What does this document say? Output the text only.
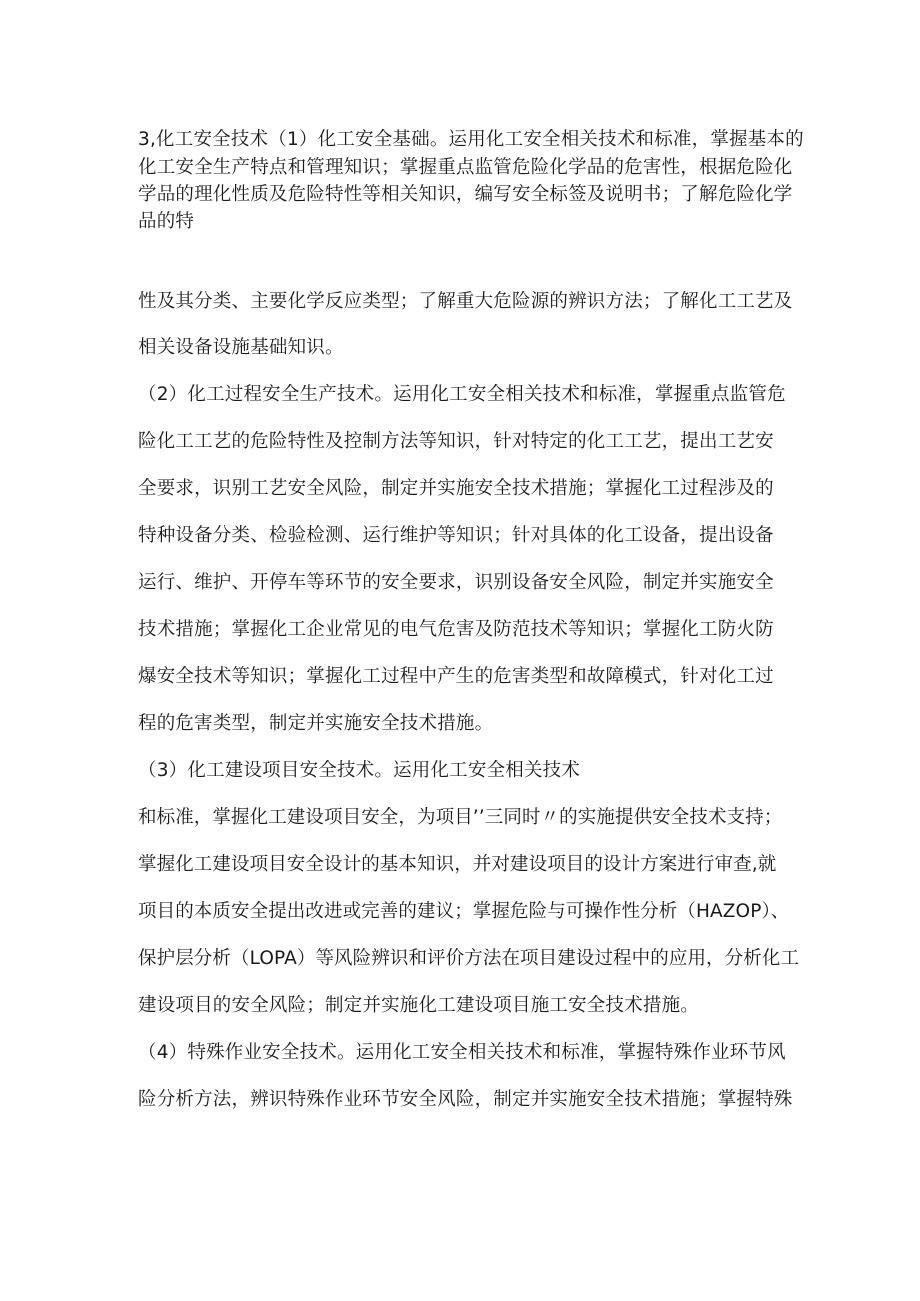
3,化工安全技术（1）化工安全基础。运用化工安全相关技术和标准，掌握基本的
化工安全生产特点和管理知识；掌握重点监管危险化学品的危害性，根据危险化
学品的理化性质及危险特性等相关知识，编写安全标签及说明书；了解危险化学
品的特
性及其分类、主要化学反应类型；了解重大危险源的辨识方法；了解化工工艺及
相关设备设施基础知识。
（2）化工过程安全生产技术。运用化工安全相关技术和标准，掌握重点监管危
险化工工艺的危险特性及控制方法等知识，针对特定的化工工艺，提出工艺安
全要求，识别工艺安全风险，制定并实施安全技术措施；掌握化工过程涉及的
特种设备分类、检验检测、运行维护等知识；针对具体的化工设备，提出设备
运行、维护、开停车等环节的安全要求，识别设备安全风险，制定并实施安全
技术措施；掌握化工企业常见的电气危害及防范技术等知识；掌握化工防火防
爆安全技术等知识；掌握化工过程中产生的危害类型和故障模式，针对化工过
程的危害类型，制定并实施安全技术措施。
（3）化工建设项目安全技术。运用化工安全相关技术
和标准，掌握化工建设项目安全，为项目’’三同时〃的实施提供安全技术支持；
掌握化工建设项目安全设计的基本知识，并对建设项目的设计方案进行审查,就
项目的本质安全提出改进或完善的建议；掌握危险与可操作性分析（HAZOP）、
保护层分析（LOPA）等风险辨识和评价方法在项目建设过程中的应用，分析化工
建设项目的安全风险；制定并实施化工建设项目施工安全技术措施。
（4）特殊作业安全技术。运用化工安全相关技术和标准，掌握特殊作业环节风
险分析方法，辨识特殊作业环节安全风险，制定并实施安全技术措施；掌握特殊
